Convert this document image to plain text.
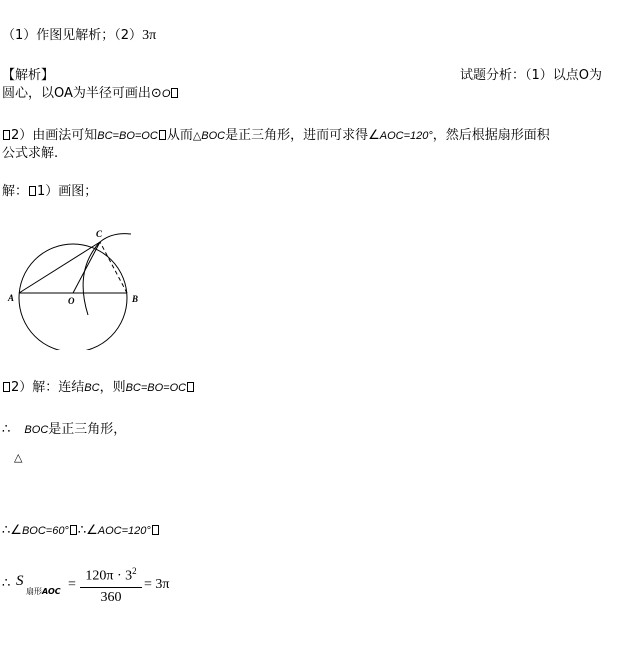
（1）作图见解析；（2）3π
【解析】	试题分析：（1）以点O为
圆心，以OA为半径可画出⊙O
2）由画法可知BC=BO=OC 从而△BOC是正三角形，进而可求得∠AOC=120°，然后根据扇形面积
公式求解.
解： 1）画图；
A	O	B
C
2）解：连结BC，则BC=BO=OC
∴ BOC是正三角形，
△
∴∠BOC=60° ∴∠AOC=120°
∴ S
扇形AOC =
$120\pi \cdot 3^2$
360
= 3π
